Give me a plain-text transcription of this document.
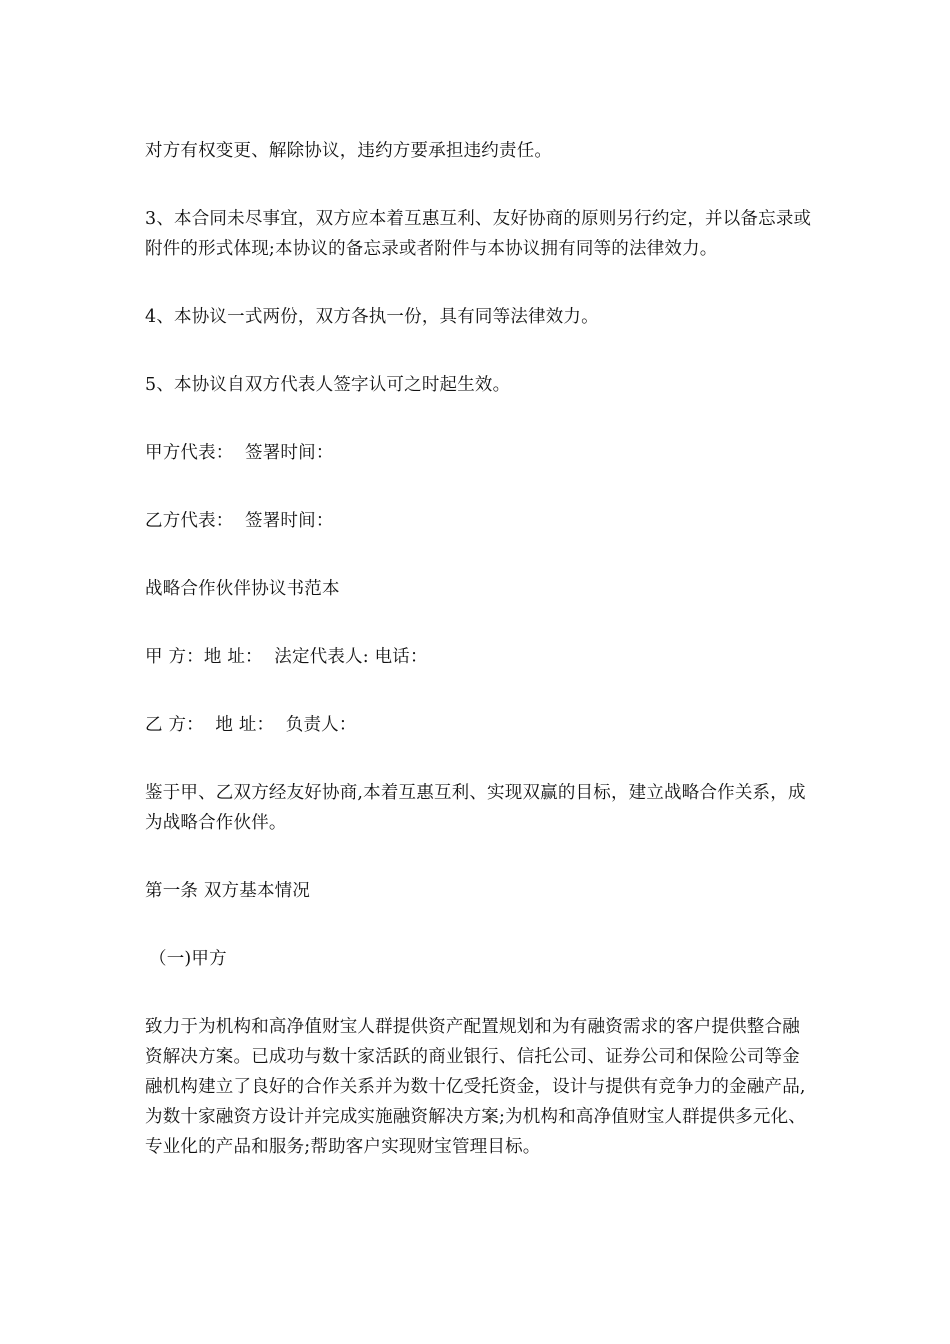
对方有权变更、解除协议，违约方要承担违约责任。

3、本合同未尽事宜，双方应本着互惠互利、友好协商的原则另行约定，并以备忘录或附件的形式体现;本协议的备忘录或者附件与本协议拥有同等的法律效力。

4、本协议一式两份，双方各执一份，具有同等法律效力。

5、本协议自双方代表人签字认可之时起生效。

甲方代表：  签署时间：

乙方代表：  签署时间：

战略合作伙伴协议书范本

甲 方：地 址：  法定代表人: 电话：

乙 方：  地 址：  负责人：

鉴于甲、乙双方经友好协商,本着互惠互利、实现双赢的目标，建立战略合作关系，成为战略合作伙伴。

第一条 双方基本情况

（一)甲方

致力于为机构和高净值财宝人群提供资产配置规划和为有融资需求的客户提供整合融资解决方案。已成功与数十家活跃的商业银行、信托公司、证券公司和保险公司等金融机构建立了良好的合作关系并为数十亿受托资金，设计与提供有竞争力的金融产品,为数十家融资方设计并完成实施融资解决方案;为机构和高净值财宝人群提供多元化、专业化的产品和服务;帮助客户实现财宝管理目标。
